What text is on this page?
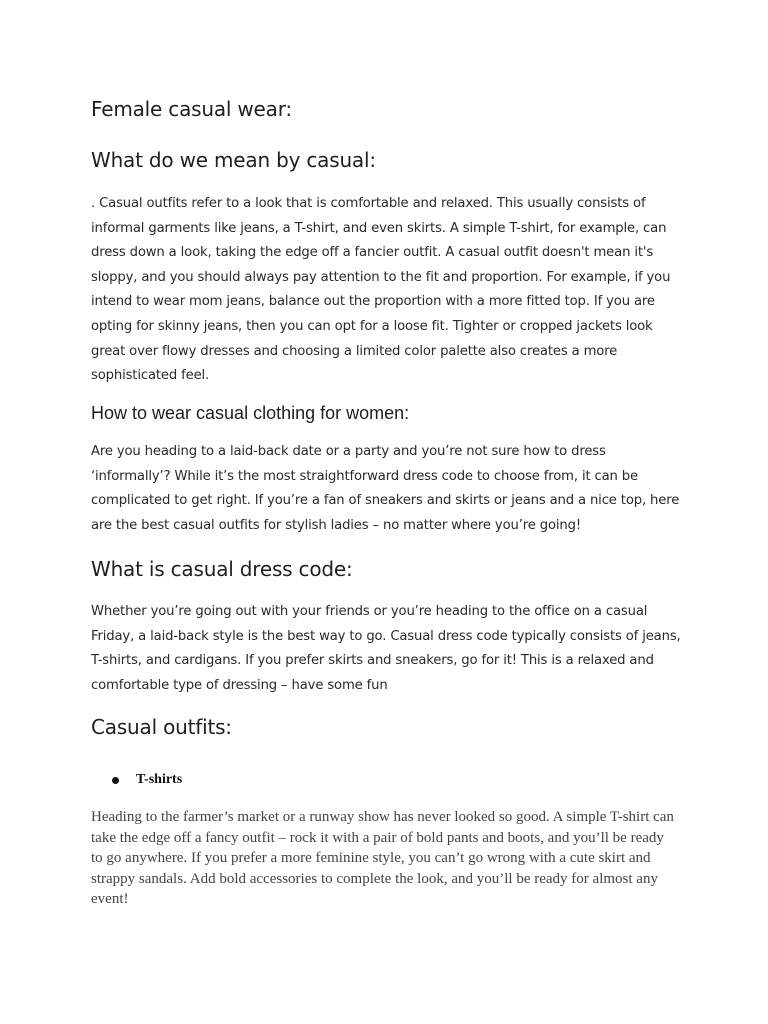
Female casual wear:
What do we mean by casual:

. Casual outfits refer to a look that is comfortable and relaxed. This usually consists of informal garments like jeans, a T-shirt, and even skirts. A simple T-shirt, for example, can dress down a look, taking the edge off a fancier outfit. A casual outfit doesn't mean it's sloppy, and you should always pay attention to the fit and proportion. For example, if you intend to wear mom jeans, balance out the proportion with a more fitted top. If you are opting for skinny jeans, then you can opt for a loose fit. Tighter or cropped jackets look great over flowy dresses and choosing a limited color palette also creates a more sophisticated feel.

How to wear casual clothing for women:

Are you heading to a laid-back date or a party and you’re not sure how to dress ‘informally’? While it’s the most straightforward dress code to choose from, it can be complicated to get right. If you’re a fan of sneakers and skirts or jeans and a nice top, here are the best casual outfits for stylish ladies – no matter where you’re going!

What is casual dress code:

Whether you’re going out with your friends or you’re heading to the office on a casual Friday, a laid-back style is the best way to go. Casual dress code typically consists of jeans, T-shirts, and cardigans. If you prefer skirts and sneakers, go for it! This is a relaxed and comfortable type of dressing – have some fun

Casual outfits:
T-shirts

Heading to the farmer’s market or a runway show has never looked so good. A simple T-shirt can take the edge off a fancy outfit – rock it with a pair of bold pants and boots, and you’ll be ready to go anywhere. If you prefer a more feminine style, you can’t go wrong with a cute skirt and strappy sandals. Add bold accessories to complete the look, and you’ll be ready for almost any event!
